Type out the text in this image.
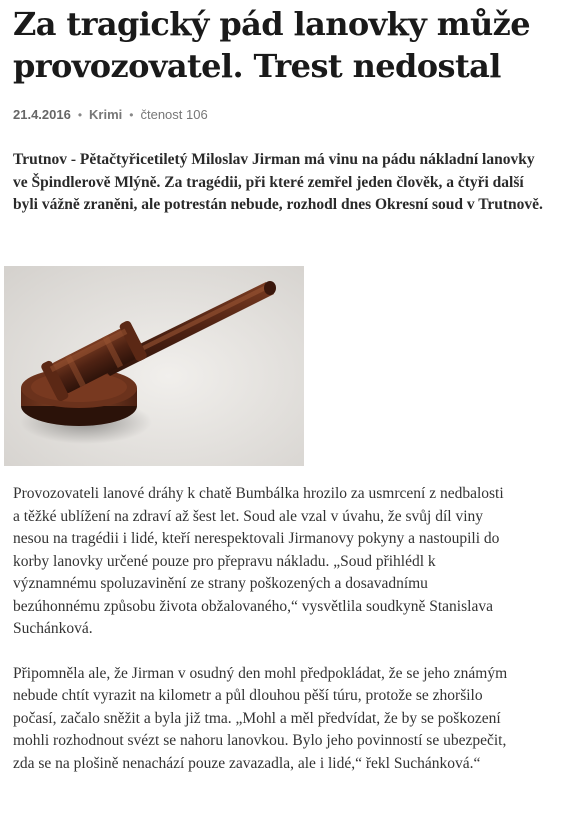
Za tragický pád lanovky může provozovatel. Trest nedostal
21.4.2016 • Krimi • čtenost 106

Trutnov - Pětačtyřicetiletý Miloslav Jirman má vinu na pádu nákladní lanovky ve Špindlerově Mlýně. Za tragédii, při které zemřel jeden člověk, a čtyři další byli vážně zraněni, ale potrestán nebude, rozhodl dnes Okresní soud v Trutnově.

Provozovateli lanové dráhy k chatě Bumbálka hrozilo za usmrcení z nedbalosti a těžké ublížení na zdraví až šest let. Soud ale vzal v úvahu, že svůj díl viny nesou na tragédii i lidé, kteří nerespektovali Jirmanovy pokyny a nastoupili do korby lanovky určené pouze pro přepravu nákladu. „Soud přihlédl k významnému spoluzavinění ze strany poškozených a dosavadnímu bezúhonnému způsobu života obžalovaného,“ vysvětlila soudkyně Stanislava Suchánková.

Připomněla ale, že Jirman v osudný den mohl předpokládat, že se jeho známým nebude chtít vyrazit na kilometr a půl dlouhou pěší túru, protože se zhoršilo počasí, začalo sněžit a byla již tma. „Mohl a měl předvídat, že by se poškození mohli rozhodnout svézt se nahoru lanovkou. Bylo jeho povinností se ubezpečit, zda se na plošině nenachází pouze zavazadla, ale i lidé,“ řekl Suchánková.“
